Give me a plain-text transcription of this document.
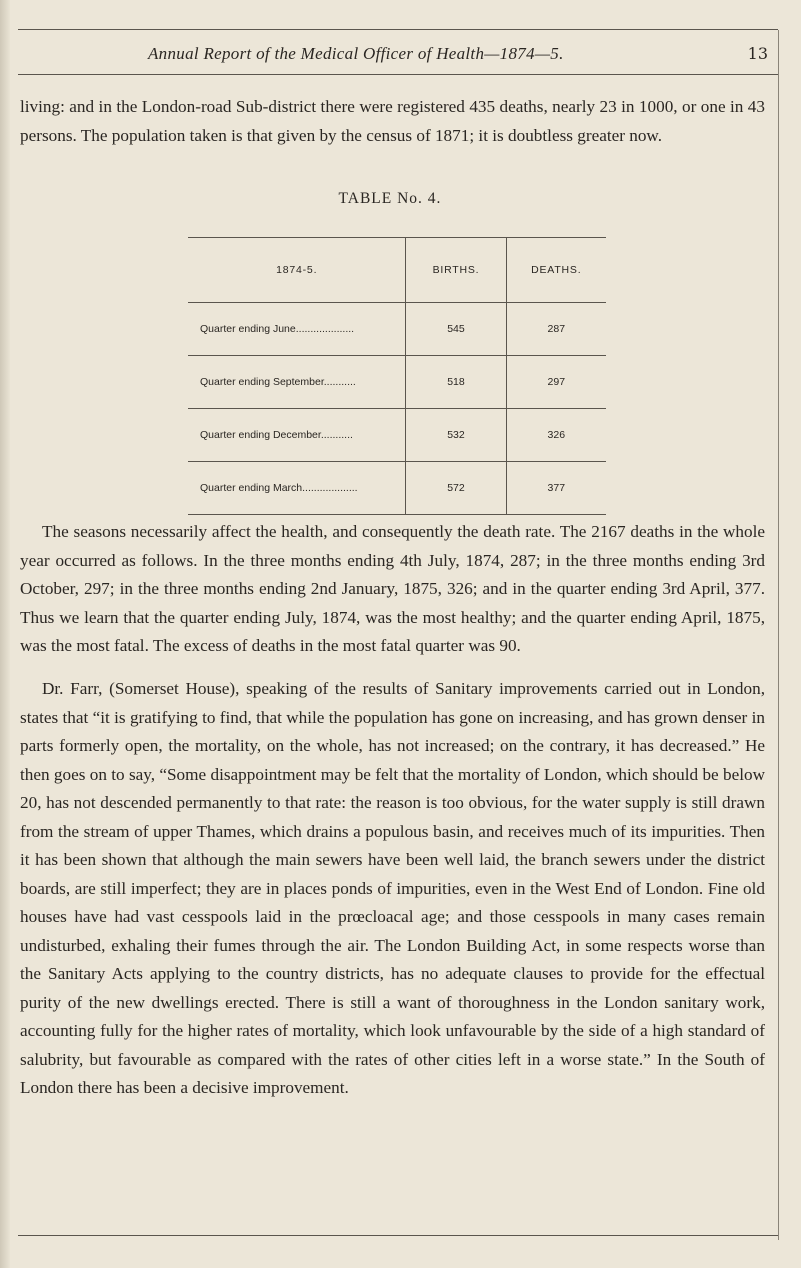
Annual Report of the Medical Officer of Health—1874—5.	13

living: and in the London-road Sub-district there were registered 435 deaths, nearly 23 in 1000, or one in 43 persons. The population taken is that given by the census of 1871; it is doubtless greater now.

TABLE No. 4.
1874-5.	BIRTHS.	DEATHS.
Quarter ending June....................	545	287
Quarter ending September...........	518	297
Quarter ending December...........	532	326
Quarter ending March...................	572	377

The seasons necessarily affect the health, and consequently the death rate. The 2167 deaths in the whole year occurred as follows. In the three months ending 4th July, 1874, 287; in the three months ending 3rd October, 297; in the three months ending 2nd January, 1875, 326; and in the quarter ending 3rd April, 377. Thus we learn that the quarter ending July, 1874, was the most healthy; and the quarter ending April, 1875, was the most fatal. The excess of deaths in the most fatal quarter was 90.

Dr. Farr, (Somerset House), speaking of the results of Sanitary improvements carried out in London, states that “it is gratifying to find, that while the population has gone on increasing, and has grown denser in parts formerly open, the mortality, on the whole, has not increased; on the contrary, it has decreased.” He then goes on to say, “Some disappointment may be felt that the mortality of London, which should be below 20, has not descended permanently to that rate: the reason is too obvious, for the water supply is still drawn from the stream of upper Thames, which drains a populous basin, and receives much of its impurities. Then it has been shown that although the main sewers have been well laid, the branch sewers under the district boards, are still imperfect; they are in places ponds of impurities, even in the West End of London. Fine old houses have had vast cesspools laid in the prœcloacal age; and those cesspools in many cases remain undisturbed, exhaling their fumes through the air. The London Building Act, in some respects worse than the Sanitary Acts applying to the country districts, has no adequate clauses to provide for the effectual purity of the new dwellings erected. There is still a want of thoroughness in the London sanitary work, accounting fully for the higher rates of mortality, which look unfavourable by the side of a high standard of salubrity, but favourable as compared with the rates of other cities left in a worse state.” In the South of London there has been a decisive improvement.
